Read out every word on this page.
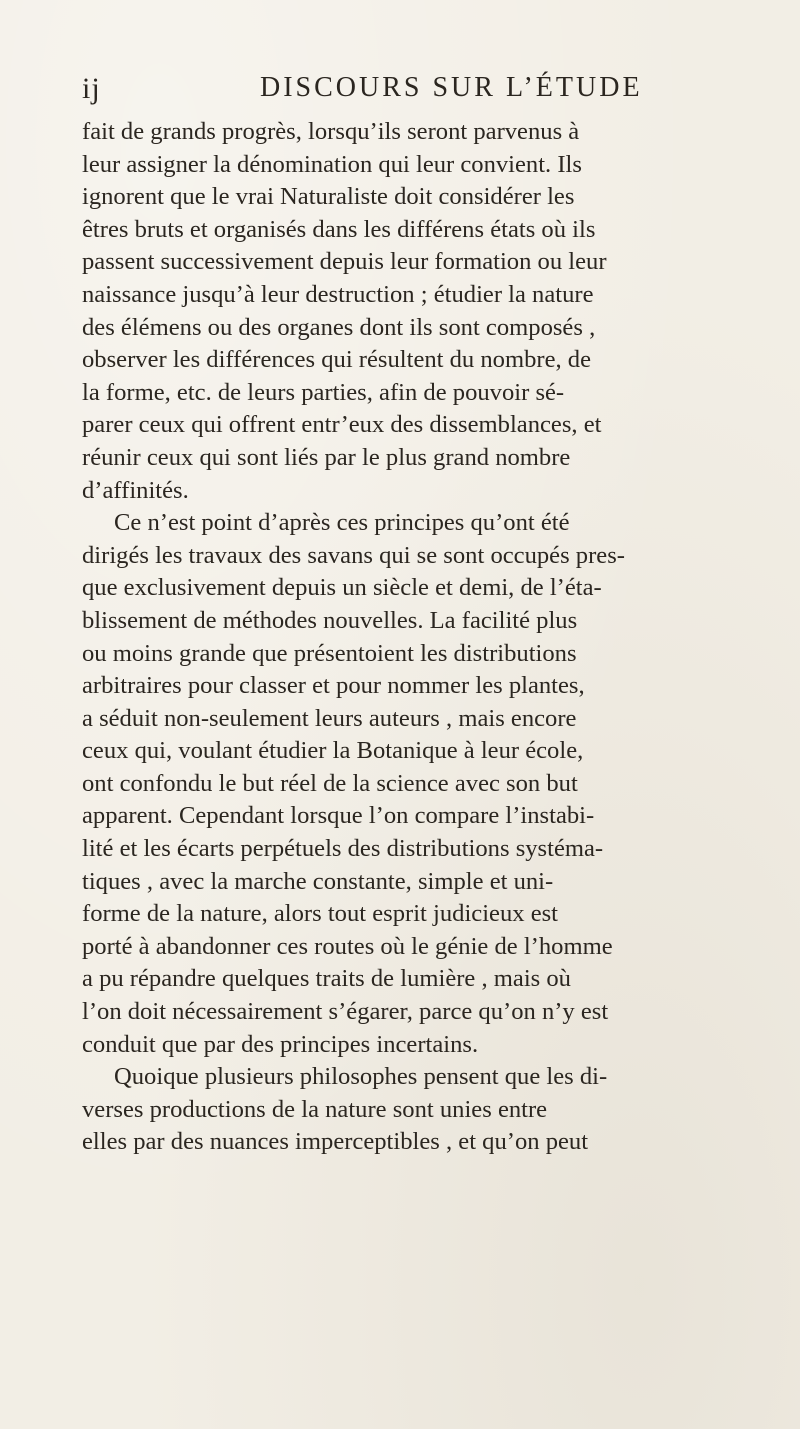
ij	DISCOURS SUR L’ÉTUDE
fait de grands progrès, lorsqu’ils seront parvenus à
leur assigner la dénomination qui leur convient. Ils
ignorent que le vrai Naturaliste doit considérer les
êtres bruts et organisés dans les différens états où ils
passent successivement depuis leur formation ou leur
naissance jusqu’à leur destruction ; étudier la nature
des élémens ou des organes dont ils sont composés ,
observer les différences qui résultent du nombre, de
la forme, etc. de leurs parties, afin de pouvoir sé-
parer ceux qui offrent entr’eux des dissemblances, et
réunir ceux qui sont liés par le plus grand nombre
d’affinités.
Ce n’est point d’après ces principes qu’ont été
dirigés les travaux des savans qui se sont occupés pres-
que exclusivement depuis un siècle et demi, de l’éta-
blissement de méthodes nouvelles. La facilité plus
ou moins grande que présentoient les distributions
arbitraires pour classer et pour nommer les plantes,
a séduit non-seulement leurs auteurs , mais encore
ceux qui, voulant étudier la Botanique à leur école,
ont confondu le but réel de la science avec son but
apparent. Cependant lorsque l’on compare l’instabi-
lité et les écarts perpétuels des distributions systéma-
tiques , avec la marche constante, simple et uni-
forme de la nature, alors tout esprit judicieux est
porté à abandonner ces routes où le génie de l’homme
a pu répandre quelques traits de lumière , mais où
l’on doit nécessairement s’égarer, parce qu’on n’y est
conduit que par des principes incertains.
Quoique plusieurs philosophes pensent que les di-
verses productions de la nature sont unies entre
elles par des nuances imperceptibles , et qu’on peut
